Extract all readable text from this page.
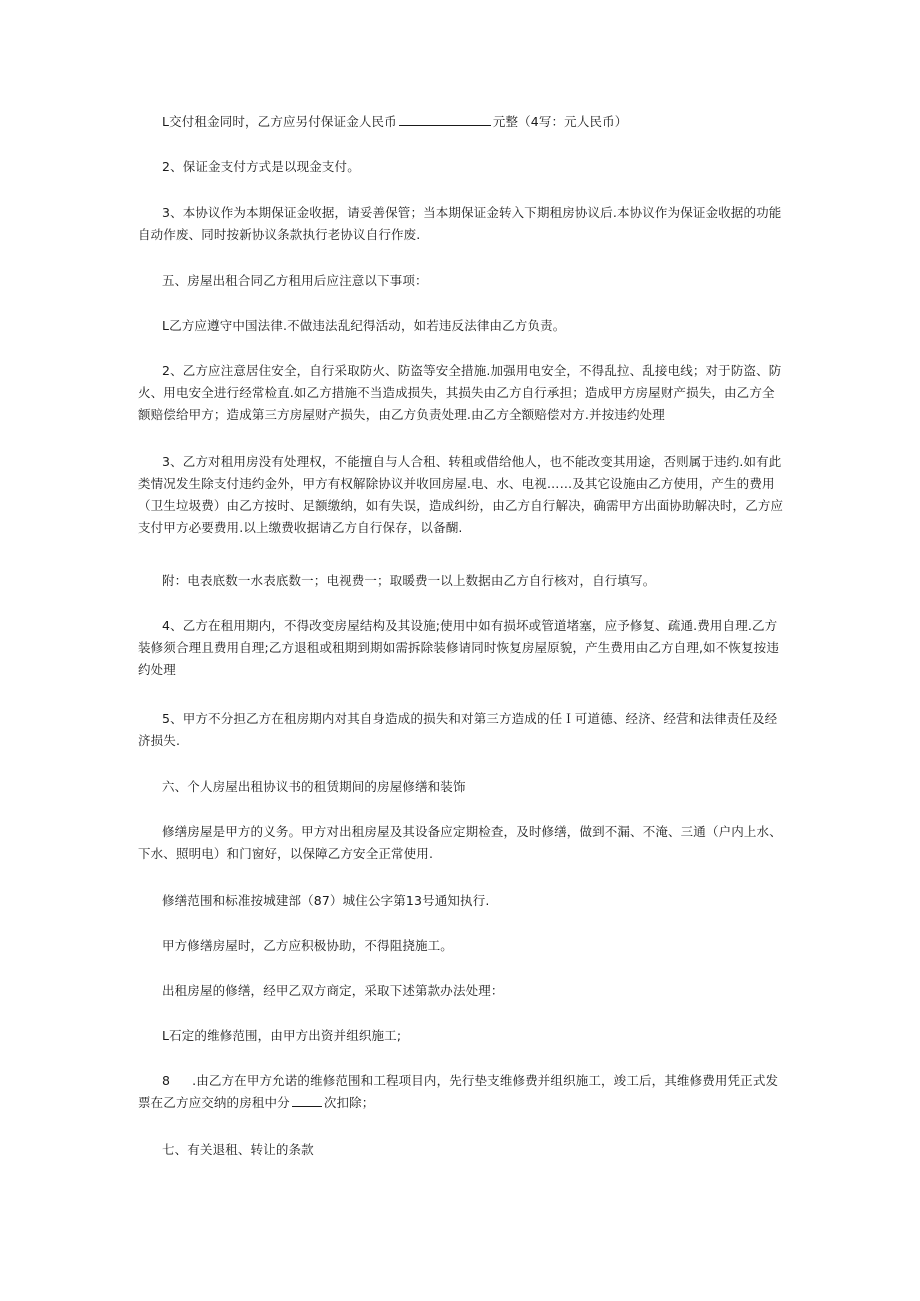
L交付租金同时，乙方应另付保证金人民币	元整（4写：元人民币）

2、保证金支付方式是以现金支付。

3、本协议作为本期保证金收据，请妥善保管；当本期保证金转入下期租房协议后.本协议作为保证金收据的功能自动作废、同时按新协议条款执行老协议自行作废.

五、房屋出租合同乙方租用后应注意以下事项：

L乙方应遵守中国法律.不做违法乱纪得活动，如若违反法律由乙方负责。

2、乙方应注意居住安全，自行采取防火、防盗等安全措施.加强用电安全，不得乱拉、乱接电线；对于防盗、防火、用电安全进行经常检直.如乙方措施不当造成损失，其损失由乙方自行承担；造成甲方房屋财产损失，由乙方全额赔偿给甲方；造成第三方房屋财产损失，由乙方负责处理.由乙方全额赔偿对方.并按违约处理

3、乙方对租用房没有处理权，不能擅自与人合租、转租或借给他人，也不能改变其用途，否则属于违约.如有此类情况发生除支付违约金外，甲方有权解除协议并收回房屋.电、水、电视……及其它设施由乙方使用，产生的费用（卫生垃圾费）由乙方按时、足额缴纳，如有失误，造成纠纷，由乙方自行解决，确需甲方出面协助解决时，乙方应支付甲方必要费用.以上缴费收据请乙方自行保存，以备醐.

附：电表底数一水表底数一；电视费一；取暖费一以上数据由乙方自行核对，自行填写。

4、乙方在租用期内，不得改变房屋结构及其设施;使用中如有损坏或管道堵塞，应予修复、疏通.费用自理.乙方装修须合理且费用自理;乙方退租或租期到期如需拆除装修请同时恢复房屋原貌，产生费用由乙方自理,如不恢复按违约处理

5、甲方不分担乙方在租房期内对其自身造成的损失和对第三方造成的任Ｉ可道德、经济、经营和法律责任及经济损失.

六、个人房屋出租协议书的租赁期间的房屋修缮和装饰

修缮房屋是甲方的义务。甲方对出租房屋及其设备应定期检查，及时修缮，做到不漏、不淹、三通（户内上水、下水、照明电）和门窗好，以保障乙方安全正常使用.

修缮范围和标准按城建部（87）城住公字第13号通知执行.

甲方修缮房屋时，乙方应积极协助，不得阻挠施工。

出租房屋的修缮，经甲乙双方商定，采取下述第款办法处理：

L石定的维修范围，由甲方出资并组织施工;

8 .由乙方在甲方允诺的维修范围和工程项目内，先行垫支维修费并组织施工，竣工后，其维修费用凭正式发票在乙方应交纳的房租中分	次扣除；

七、有关退租、转让的条款
